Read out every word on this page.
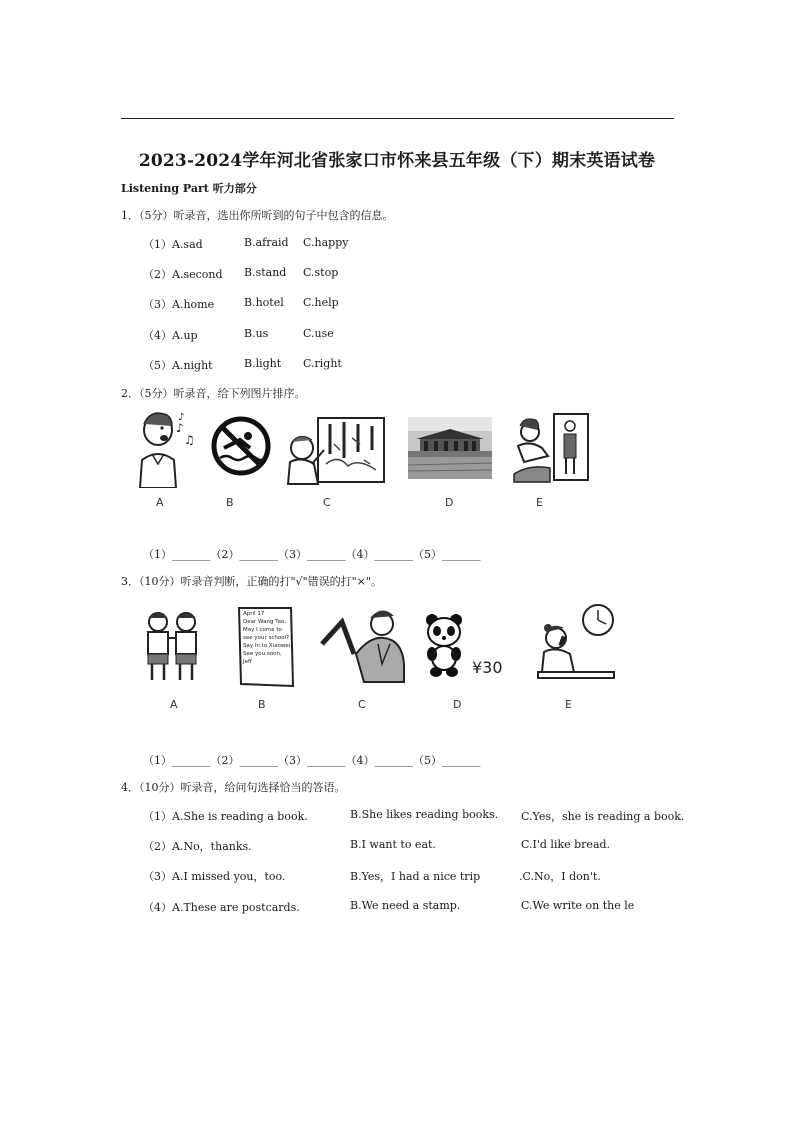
2023-2024学年河北省张家口市怀来县五年级（下）期末英语试卷
Listening Part 听力部分
1．（5分）听录音，选出你所听到的句子中包含的信息。
（1）A.sad	B.afraid C.happy
（2）A.second B.stand C.stop
（3）A.home	B.hotel C.help
（4）A.up	B.us	C.use
（5）A.night	B.light C.right
2．（5分）听录音，给下列图片排序。
♪
♫
♪
A	B	C	D	E
（1）_______（2）_______（3）_______（4）_______（5）_______
3．（10分）听录音判断，正确的打"√"错误的打"×"。
April 17
Dear Wang Tao,
May I come to
see your school?
Say hi to Xiaowei.
See you soon,
Jeff	¥30
A	B	C	D	E
（1）_______（2）_______（3）_______（4）_______（5）_______
4．（10分）听录音，给问句选择恰当的答语。
（1）A.She is reading a book.	B.She likes reading books. C.Yes，she is reading a book.
（2）A.No，thanks.	B.I want to eat.	C.I'd like bread.
（3）A.I missed you，too.	B.Yes，I had a nice trip	.C.No，I don't.
（4）A.These are postcards.	B.We need a stamp.	C.We write on the le
